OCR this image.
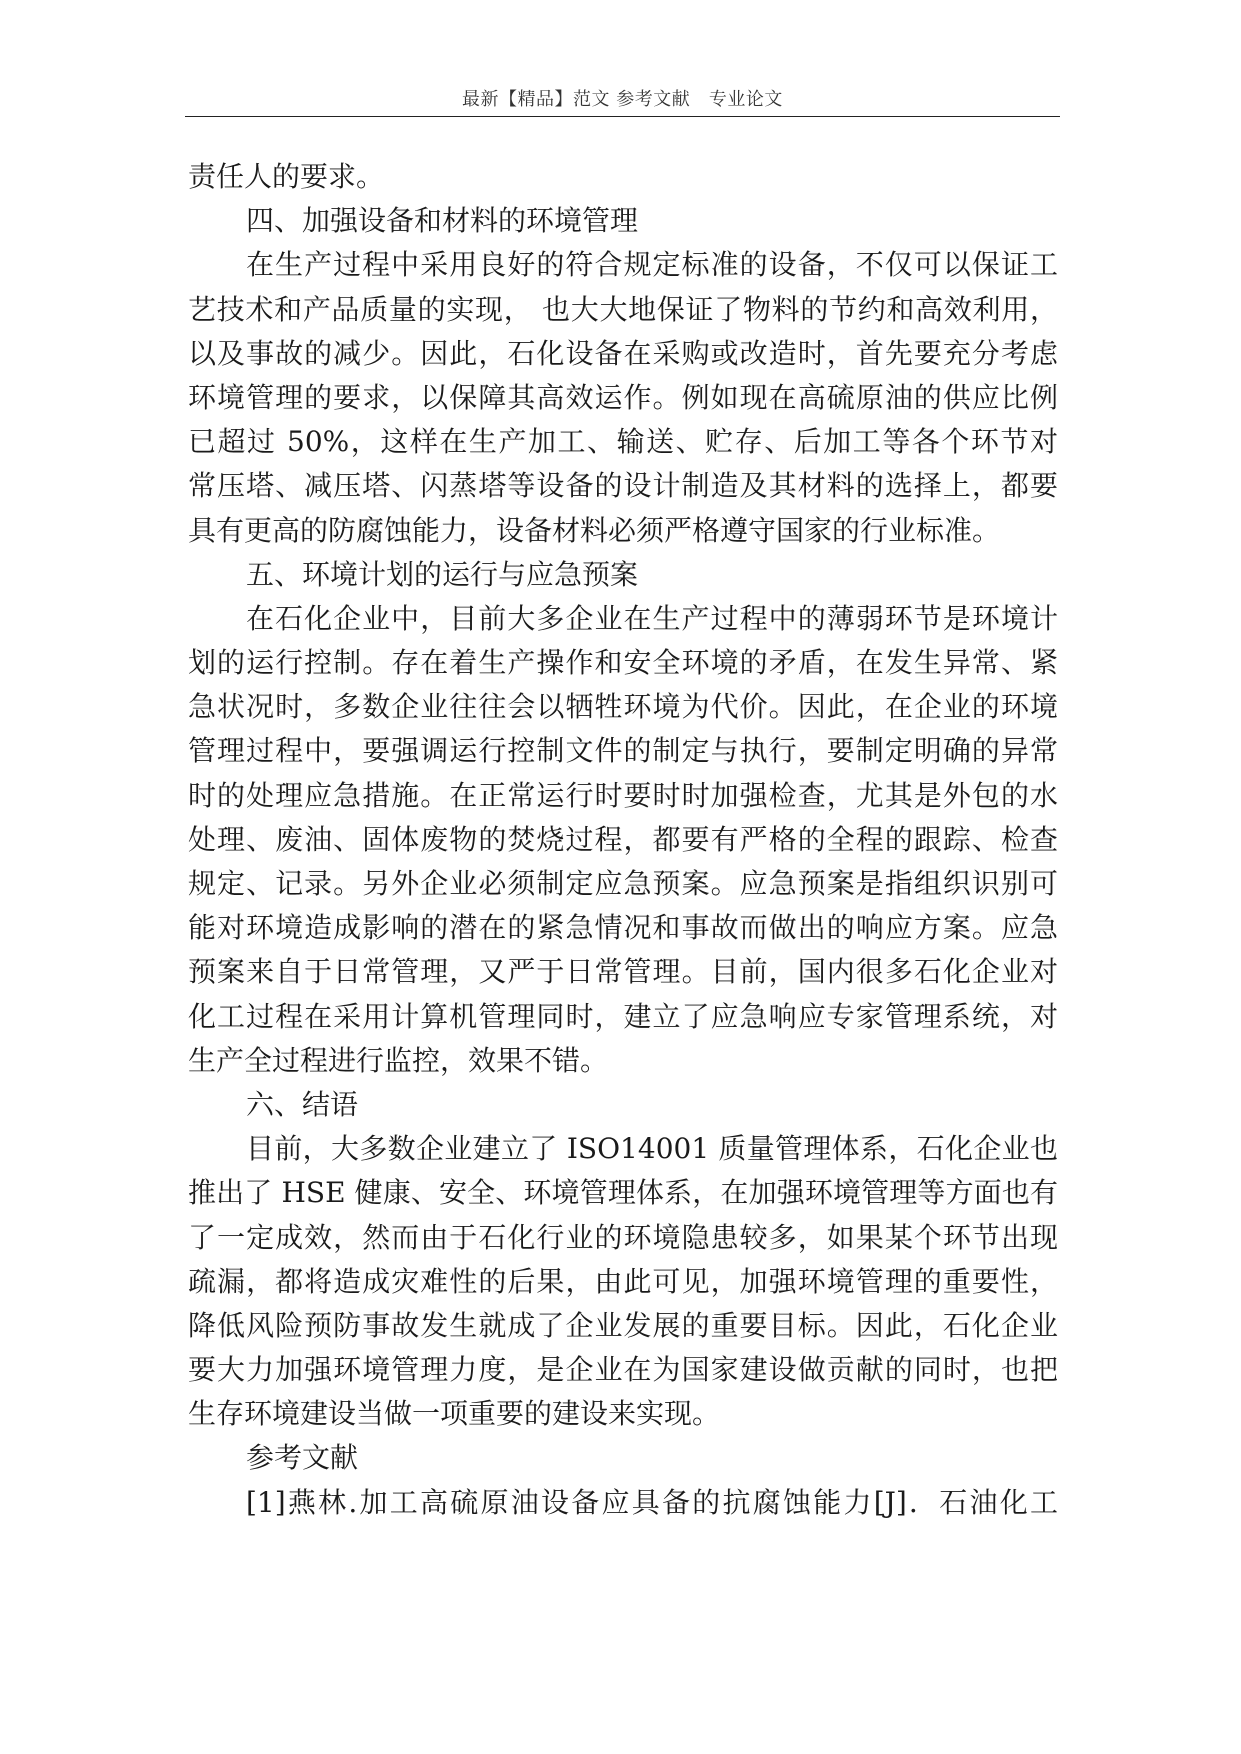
最新【精品】范文 参考文献   专业论文
责任人的要求。
四、加强设备和材料的环境管理
在生产过程中采用良好的符合规定标准的设备，不仅可以保证工
艺技术和产品质量的实现， 也大大地保证了物料的节约和高效利用，
以及事故的减少。因此，石化设备在采购或改造时，首先要充分考虑
环境管理的要求，以保障其高效运作。例如现在高硫原油的供应比例
已超过 50%，这样在生产加工、输送、贮存、后加工等各个环节对
常压塔、减压塔、闪蒸塔等设备的设计制造及其材料的选择上，都要
具有更高的防腐蚀能力，设备材料必须严格遵守国家的行业标准。
五、环境计划的运行与应急预案
在石化企业中，目前大多企业在生产过程中的薄弱环节是环境计
划的运行控制。存在着生产操作和安全环境的矛盾，在发生异常、紧
急状况时，多数企业往往会以牺牲环境为代价。因此，在企业的环境
管理过程中，要强调运行控制文件的制定与执行，要制定明确的异常
时的处理应急措施。在正常运行时要时时加强检查，尤其是外包的水
处理、废油、固体废物的焚烧过程，都要有严格的全程的跟踪、检查
规定、记录。另外企业必须制定应急预案。应急预案是指组织识别可
能对环境造成影响的潜在的紧急情况和事故而做出的响应方案。应急
预案来自于日常管理，又严于日常管理。目前，国内很多石化企业对
化工过程在采用计算机管理同时，建立了应急响应专家管理系统，对
生产全过程进行监控，效果不错。
六、结语
目前，大多数企业建立了 ISO14001 质量管理体系，石化企业也
推出了 HSE 健康、安全、环境管理体系，在加强环境管理等方面也有
了一定成效，然而由于石化行业的环境隐患较多，如果某个环节出现
疏漏，都将造成灾难性的后果，由此可见，加强环境管理的重要性，
降低风险预防事故发生就成了企业发展的重要目标。因此，石化企业
要大力加强环境管理力度，是企业在为国家建设做贡献的同时，也把
生存环境建设当做一项重要的建设来实现。
参考文献
[1]燕林.加工高硫原油设备应具备的抗腐蚀能力[J]．石油化工
